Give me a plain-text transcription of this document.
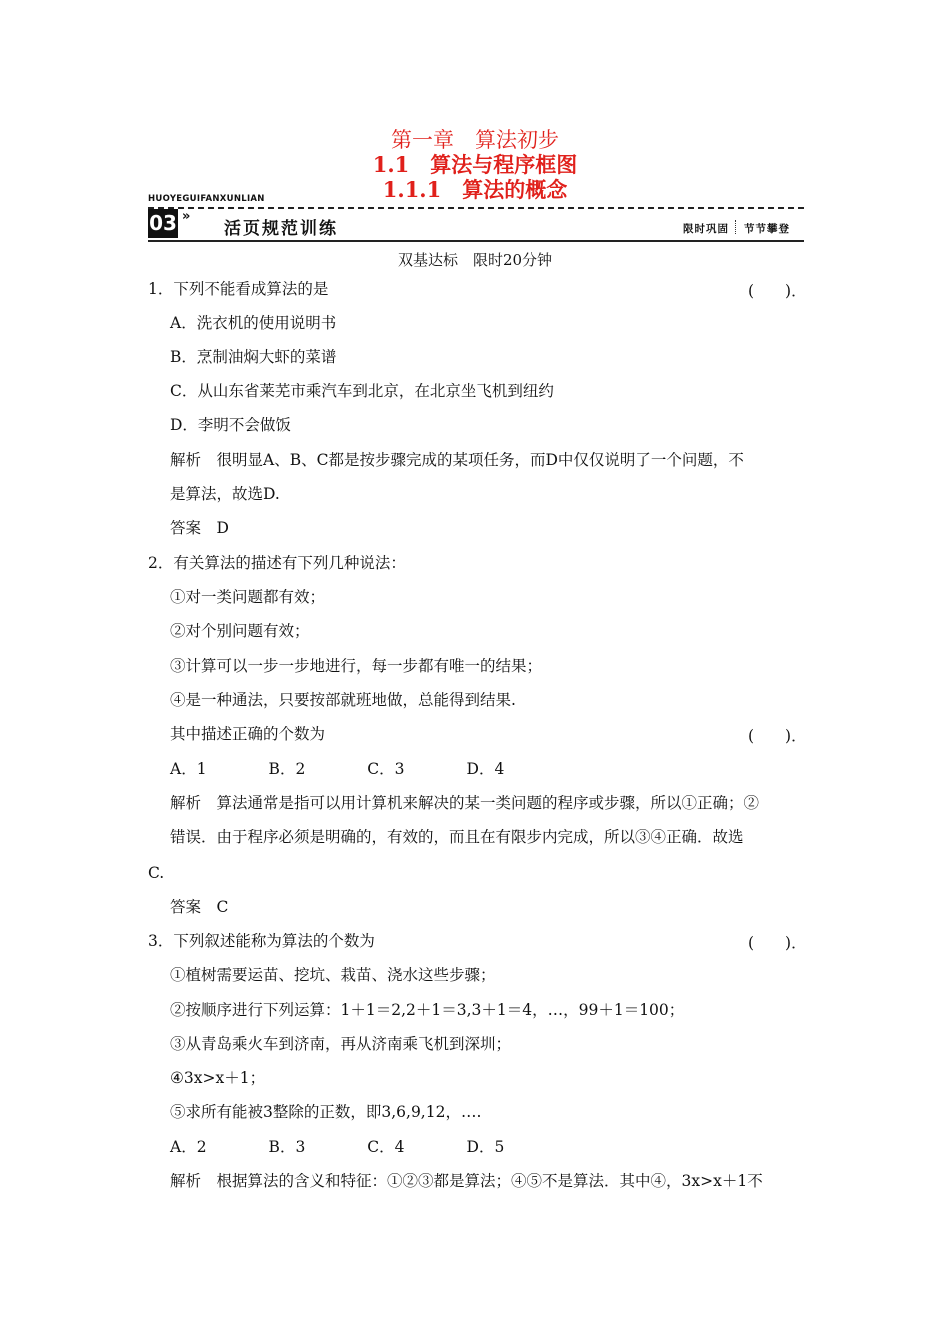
第一章　算法初步
1.1　算法与程序框图
1.1.1　算法的概念
HUOYEGUIFANXUNLIAN
03 »
活页规范训练	限时巩固 节节攀登
双基达标　限时20分钟
1．下列不能看成算法的是	(　　)．
A．洗衣机的使用说明书
B．烹制油焖大虾的菜谱
C．从山东省莱芜市乘汽车到北京，在北京坐飞机到纽约
D．李明不会做饭
解析　很明显A、B、C都是按步骤完成的某项任务，而D中仅仅说明了一个问题，不
是算法，故选D.
答案　D
2．有关算法的描述有下列几种说法：
①对一类问题都有效；
②对个别问题有效；
③计算可以一步一步地进行，每一步都有唯一的结果；
④是一种通法，只要按部就班地做，总能得到结果.
其中描述正确的个数为	(　　)．
A．1　　　　B．2　　　　C．3　　　　D．4
解析　算法通常是指可以用计算机来解决的某一类问题的程序或步骤，所以①正确；②
错误．由于程序必须是明确的，有效的，而且在有限步内完成，所以③④正确．故选
C.
答案　C
3．下列叙述能称为算法的个数为	(　　)．
①植树需要运苗、挖坑、栽苗、浇水这些步骤；
②按顺序进行下列运算：1＋1＝2,2＋1＝3,3＋1＝4，…，99＋1＝100；
③从青岛乘火车到济南，再从济南乘飞机到深圳；
④3x>x＋1；
⑤求所有能被3整除的正数，即3,6,9,12，….
A．2　　　　B．3　　　　C．4　　　　D．5
解析　根据算法的含义和特征：①②③都是算法；④⑤不是算法．其中④，3x>x＋1不
